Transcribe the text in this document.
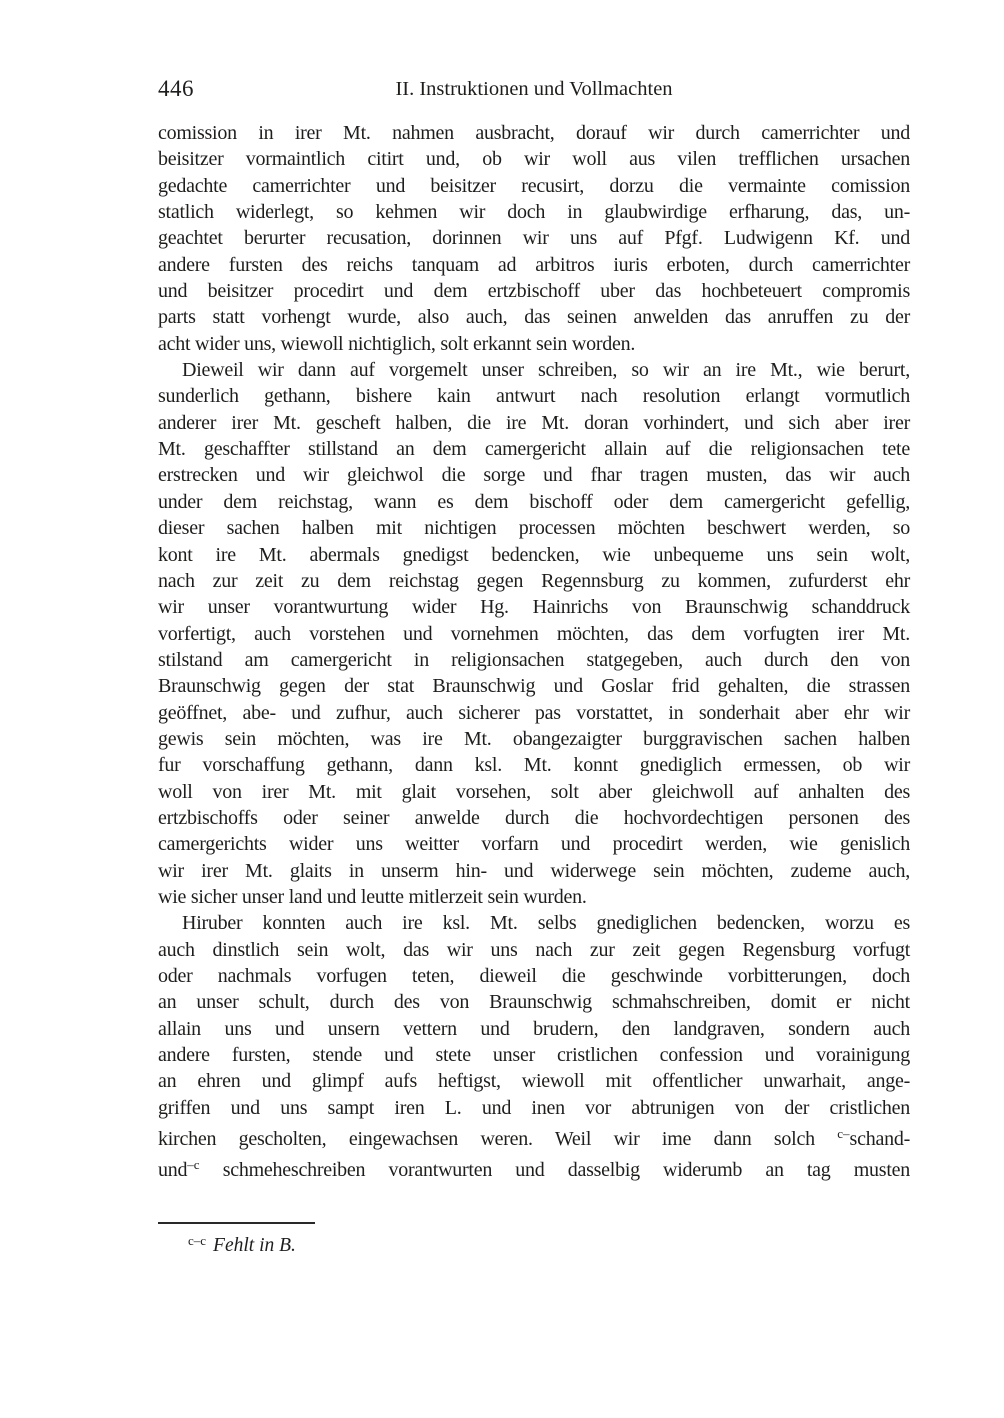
446	II. Instruktionen und Vollmachten
comission in irer Mt. nahmen ausbracht, dorauf wir durch camerrichter und
beisitzer vormaintlich citirt und, ob wir woll aus vilen trefflichen ursachen
gedachte camerrichter und beisitzer recusirt, dorzu die vermainte comission
statlich widerlegt, so kehmen wir doch in glaubwirdige erfharung, das, un-
geachtet berurter recusation, dorinnen wir uns auf Pfgf. Ludwigenn Kf. und
andere fursten des reichs tanquam ad arbitros iuris erboten, durch camerrichter
und beisitzer procedirt und dem ertzbischoff uber das hochbeteuert compromis
parts statt vorhengt wurde, also auch, das seinen anwelden das anruffen zu der
acht wider uns, wiewoll nichtiglich, solt erkannt sein worden.
Dieweil wir dann auf vorgemelt unser schreiben, so wir an ire Mt., wie berurt,
sunderlich gethann, bishere kain antwurt nach resolution erlangt vormutlich
anderer irer Mt. gescheft halben, die ire Mt. doran vorhindert, und sich aber irer
Mt. geschaffter stillstand an dem camergericht allain auf die religionsachen tete
erstrecken und wir gleichwol die sorge und fhar tragen musten, das wir auch
under dem reichstag, wann es dem bischoff oder dem camergericht gefellig,
dieser sachen halben mit nichtigen processen möchten beschwert werden, so
kont ire Mt. abermals gnedigst bedencken, wie unbequeme uns sein wolt,
nach zur zeit zu dem reichstag gegen Regennsburg zu kommen, zufurderst ehr
wir unser vorantwurtung wider Hg. Hainrichs von Braunschwig schanddruck
vorfertigt, auch vorstehen und vornehmen möchten, das dem vorfugten irer Mt.
stilstand am camergericht in religionsachen statgegeben, auch durch den von
Braunschwig gegen der stat Braunschwig und Goslar frid gehalten, die strassen
geöffnet, abe- und zufhur, auch sicherer pas vorstattet, in sonderhait aber ehr wir
gewis sein möchten, was ire Mt. obangezaigter burggravischen sachen halben
fur vorschaffung gethann, dann ksl. Mt. konnt gnediglich ermessen, ob wir
woll von irer Mt. mit glait vorsehen, solt aber gleichwoll auf anhalten des
ertzbischoffs oder seiner anwelde durch die hochvordechtigen personen des
camergerichts wider uns weitter vorfarn und procedirt werden, wie genislich
wir irer Mt. glaits in unserm hin- und widerwege sein möchten, zudeme auch,
wie sicher unser land und leutte mitlerzeit sein wurden.
Hiruber konnten auch ire ksl. Mt. selbs gnediglichen bedencken, worzu es
auch dinstlich sein wolt, das wir uns nach zur zeit gegen Regensburg vorfugt
oder nachmals vorfugen teten, dieweil die geschwinde vorbitterungen, doch
an unser schult, durch des von Braunschwig schmahschreiben, domit er nicht
allain uns und unsern vettern und brudern, den landgraven, sondern auch
andere fursten, stende und stete unser cristlichen confession und vorainigung
an ehren und glimpf aufs heftigst, wiewoll mit offentlicher unwarhait, ange-
griffen und uns sampt iren L. und inen vor abtrunigen von der cristlichen
kirchen gescholten, eingewachsen weren. Weil wir ime dann solch $^{c-}$schand-
und$^{-c}$ schmeheschreiben vorantwurten und dasselbig widerumb an tag musten
$^{c-c}$ Fehlt in B.
